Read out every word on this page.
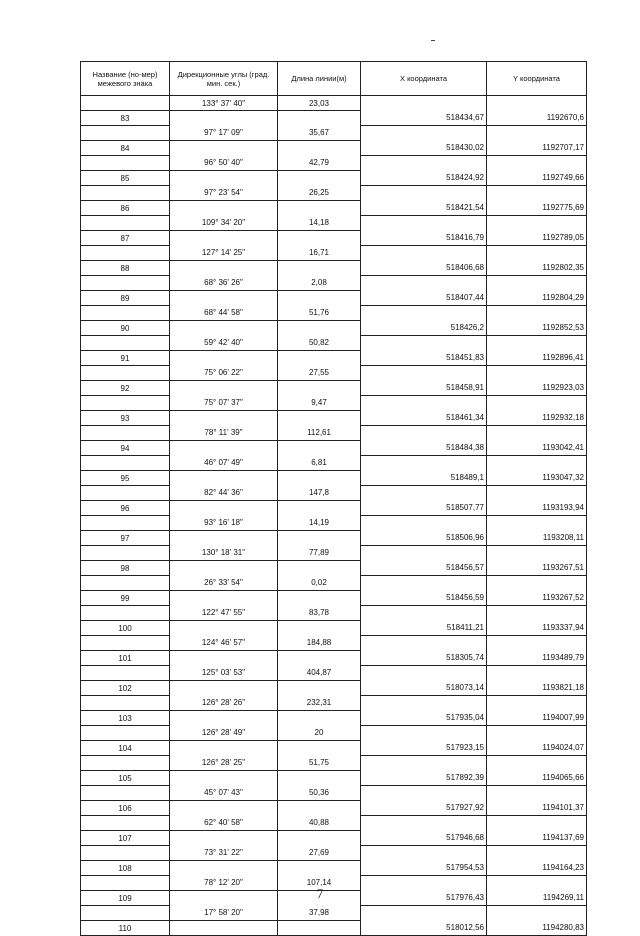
Название (но-мер) межевого знака	Дирекционные углы (град. мин. сек.)	Длина линии(м)	Х координата	Y координата
	133° 37' 40"	23,03		
83			518434,67	1192670,6
	97° 17' 09"	35,67		
84			518430,02	1192707,17
	96° 50' 40"	42,79		
85			518424,92	1192749,66
	97° 23' 54"	26,25		
86			518421,54	1192775,69
	109° 34' 20"	14,18		
87			518416,79	1192789,05
	127° 14' 25"	16,71		
88			518406,68	1192802,35
	68° 36' 26"	2,08		
89			518407,44	1192804,29
	68° 44' 58"	51,76		
90			518426,2	1192852,53
	59° 42' 40"	50,82		
91			518451,83	1192896,41
	75° 06' 22"	27,55		
92			518458,91	1192923,03
	75° 07' 37"	9,47		
93			518461,34	1192932,18
	78° 11' 39"	112,61		
94			518484,38	1193042,41
	46° 07' 49"	6,81		
95			518489,1	1193047,32
	82° 44' 36"	147,8		
96			518507,77	1193193,94
	93° 16' 18"	14,19		
97			518506,96	1193208,11
	130° 18' 31"	77,89		
98			518456,57	1193267,51
	26° 33' 54"	0,02		
99			518456,59	1193267,52
	122° 47' 55"	83,78		
100			518411,21	1193337,94
	124° 46' 57"	184,88		
101			518305,74	1193489,79
	125° 03' 53"	404,87		
102			518073,14	1193821,18
	126° 28' 26"	232,31		
103			517935,04	1194007,99
	126° 28' 49"	20		
104			517923,15	1194024,07
	126° 28' 25"	51,75		
105			517892,39	1194065,66
	45° 07' 43"	50,36		
106			517927,92	1194101,37
	62° 40' 58"	40,88		
107			517946,68	1194137,69
	73° 31' 22"	27,69		
108			517954,53	1194164,23
	78° 12' 20"	107,14		
109			517976,43	1194269,11
	17° 58' 20"	37,98		
110			518012,56	1194280,83
7
